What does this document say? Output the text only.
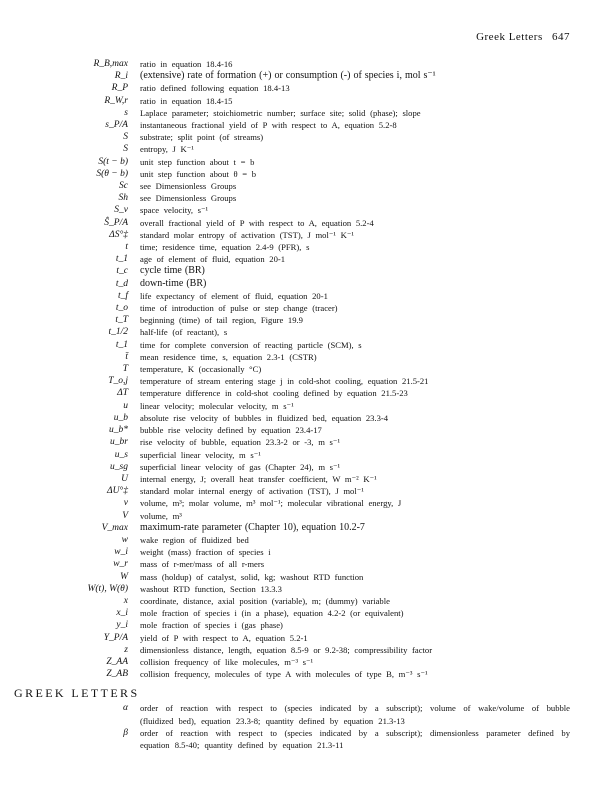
Greek Letters 647
R_B,max	ratio in equation 18.4-16
R_i	(extensive) rate of formation (+) or consumption (-) of species i, mol s⁻¹
R_P	ratio defined following equation 18.4-13
R_W,r	ratio in equation 18.4-15
s	Laplace parameter; stoichiometric number; surface site; solid (phase); slope
s_P/A	instantaneous fractional yield of P with respect to A, equation 5.2-8
S	substrate; split point (of streams)
S	entropy, J K⁻¹
S(t − b)	unit step function about t = b
S(θ − b)	unit step function about θ = b
Sc	see Dimensionless Groups
Sh	see Dimensionless Groups
S_v	space velocity, s⁻¹
Ŝ_P/A	overall fractional yield of P with respect to A, equation 5.2-4
ΔS°‡	standard molar entropy of activation (TST), J mol⁻¹ K⁻¹
t	time; residence time, equation 2.4-9 (PFR), s
t_1	age of element of fluid, equation 20-1
t_c	cycle time (BR)
t_d	down-time (BR)
t_f	life expectancy of element of fluid, equation 20-1
t_o	time of introduction of pulse or step change (tracer)
t_T	beginning (time) of tail region, Figure 19.9
t_1/2	half-life (of reactant), s
t_1	time for complete conversion of reacting particle (SCM), s
t̄	mean residence time, s, equation 2.3-1 (CSTR)
T	temperature, K (occasionally °C)
T_o,j	temperature of stream entering stage j in cold-shot cooling, equation 21.5-21
ΔT	temperature difference in cold-shot cooling defined by equation 21.5-23
u	linear velocity; molecular velocity, m s⁻¹
u_b	absolute rise velocity of bubbles in fluidized bed, equation 23.3-4
u_b*	bubble rise velocity defined by equation 23.4-17
u_br	rise velocity of bubble, equation 23.3-2 or -3, m s⁻¹
u_s	superficial linear velocity, m s⁻¹
u_sg	superficial linear velocity of gas (Chapter 24), m s⁻¹
U	internal energy, J; overall heat transfer coefficient, W m⁻² K⁻¹
ΔU°‡	standard molar internal energy of activation (TST), J mol⁻¹
v	volume, m³; molar volume, m³ mol⁻¹; molecular vibrational energy, J
V	volume, m³
V_max	maximum-rate parameter (Chapter 10), equation 10.2-7
w	wake region of fluidized bed
w_i	weight (mass) fraction of species i
w_r	mass of r-mer/mass of all r-mers
W	mass (holdup) of catalyst, solid, kg; washout RTD function
W(t), W(θ)	washout RTD function, Section 13.3.3
x	coordinate, distance, axial position (variable), m; (dummy) variable
x_i	mole fraction of species i (in a phase), equation 4.2-2 (or equivalent)
y_i	mole fraction of species i (gas phase)
Y_P/A	yield of P with respect to A, equation 5.2-1
z	dimensionless distance, length, equation 8.5-9 or 9.2-38; compressibility factor
Z_AA	collision frequency of like molecules, m⁻³ s⁻¹
Z_AB	collision frequency, molecules of type A with molecules of type B, m⁻³ s⁻¹
GREEK LETTERS
α	order of reaction with respect to (species indicated by a subscript); volume of wake/volume of bubble (fluidized bed), equation 23.3-8; quantity defined by equation 21.3-13
β	order of reaction with respect to (species indicated by a subscript); dimensionless parameter defined by equation 8.5-40; quantity defined by equation 21.3-11
